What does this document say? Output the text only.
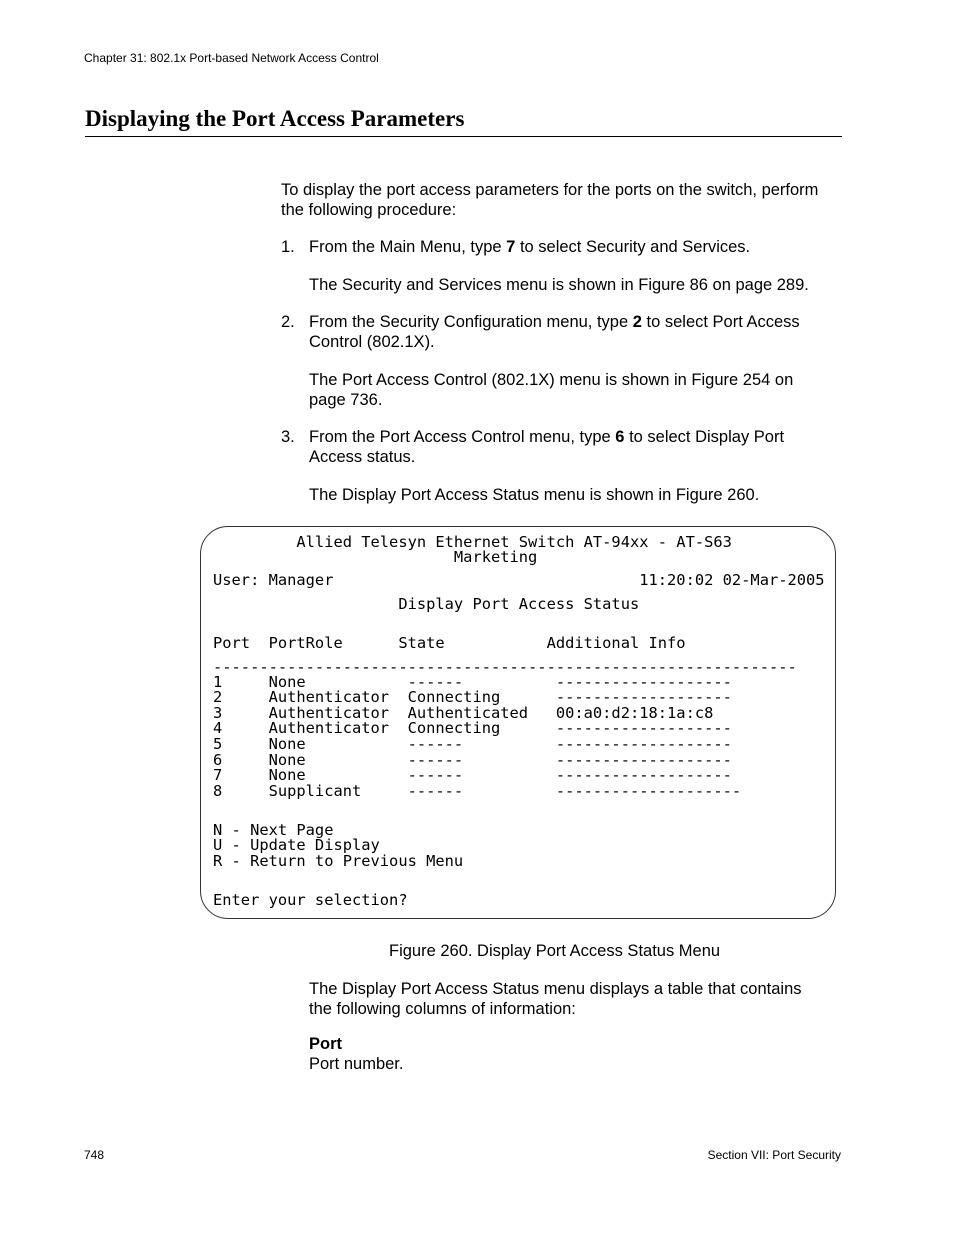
Chapter 31: 802.1x Port-based Network Access Control
Displaying the Port Access Parameters

To display the port access parameters for the ports on the switch, perform

the following procedure:

1. From the Main Menu, type 7 to select Security and Services.

The Security and Services menu is shown in Figure 86 on page 289.

2. From the Security Configuration menu, type 2 to select Port Access

Control (802.1X).

The Port Access Control (802.1X) menu is shown in Figure 254 on

page 736.

3. From the Port Access Control menu, type 6 to select Display Port

Access status.

The Display Port Access Status menu is shown in Figure 260.

Allied Telesyn Ethernet Switch AT-94xx - AT-S63
Marketing
User: Manager                                 11:20:02 02-Mar-2005
Display Port Access Status
Port  PortRole      State           Additional Info
---------------------------------------------------------------
1     None           ------          -------------------
2     Authenticator  Connecting      -------------------
3     Authenticator  Authenticated   00:a0:d2:18:1a:c8
4     Authenticator  Connecting      -------------------
5     None           ------          -------------------
6     None           ------          -------------------
7     None           ------          -------------------
8     Supplicant     ------          --------------------
N - Next Page
U - Update Display
R - Return to Previous Menu
Enter your selection?
Figure 260. Display Port Access Status Menu

The Display Port Access Status menu displays a table that contains

the following columns of information:

Port

Port number.

748	Section VII: Port Security
